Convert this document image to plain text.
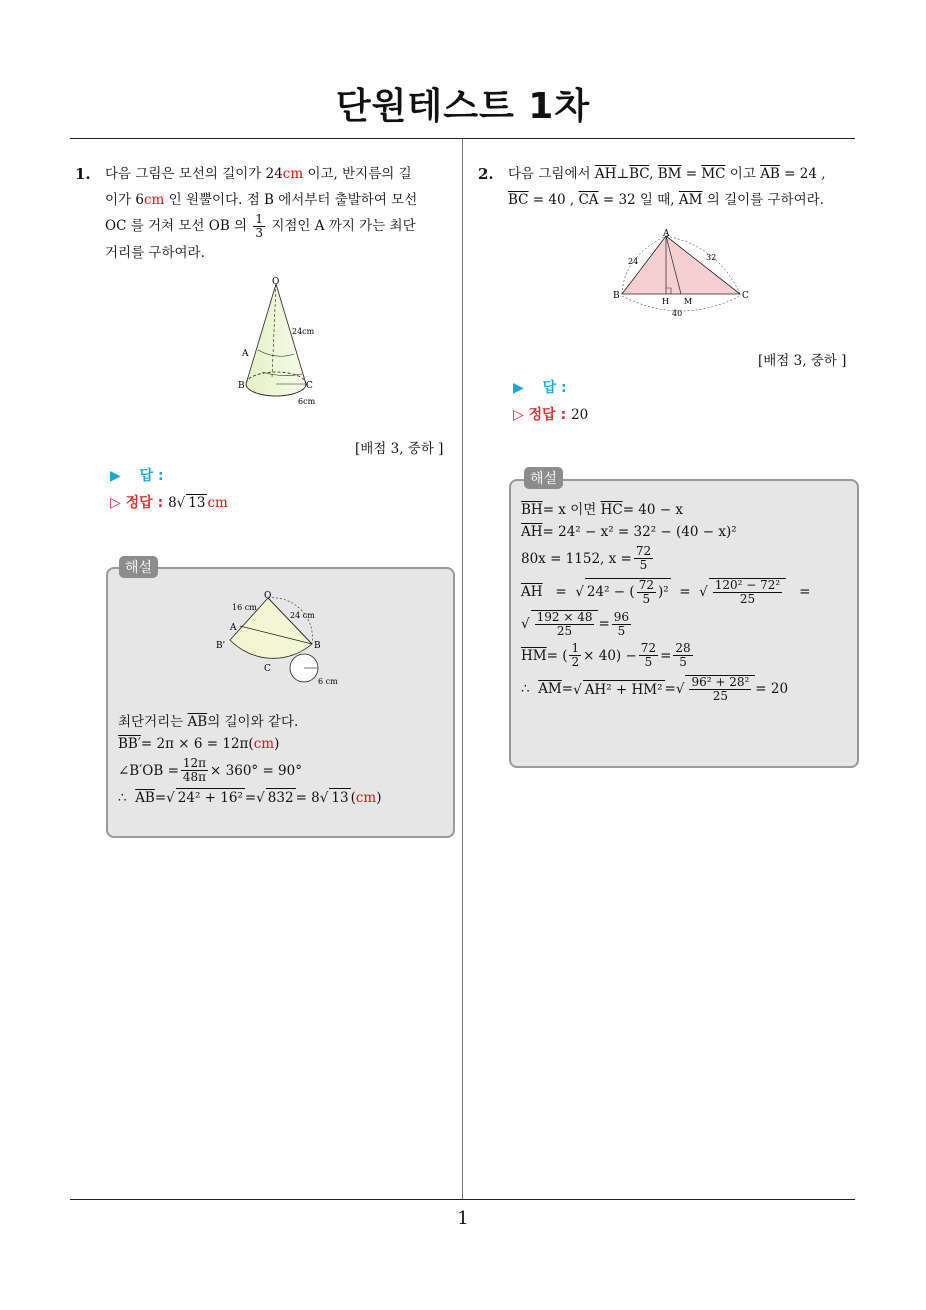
단원테스트 1차
1
1. 다음 그림은 모선의 길이가 24cm 이고, 반지름의 길
이가 6cm 인 원뿔이다. 점 B 에서부터 출발하여 모선
OC 를 거쳐 모선 OB 의 $\frac{1}{3}$ 지점인 A 까지 가는 최단
거리를 구하여라.
O
A
B	C
24cm
6cm
[배점 3, 중하 ]
▶ 답 :
▷ 정답 : 8√ 13 cm
해설
O
A
B'	B
C
16 cm
24 cm
6 cm
최단거리는
$\overline{AB}$ 의 길이와 같다.
BB′ = 2π × 6 = 12π( cm )
∠B′OB = $\frac{12\pi}{48\pi} \times 360^\circ = 90^\circ$
∴
$\overline{AB}$ = √ 24² + 16² = √ 832 = 8 √ 13 ( cm )
2. 다음 그림에서 $\overline{AH}\perp\overline{BC}$, $\overline{BM} = \overline{MC}$ 이고 $\overline{AB} = 24$ ,
$\overline{BC} = 40$ , $\overline{CA} = 32$ 일 때, $\overline{AM}$ 의 길이를 구하여라.
A
B	C
H M
24	32
40
[배점 3, 중하 ]
▶ 답 :
▷ 정답 : 20
해설
$\overline{BH} = x$ 이면
$\overline{HC} = 40 - x$
$\overline{AH} = 24^2 - x^2 = 32^2 - (40 - x)^2$
80x = 1152, $x = \frac{72}{5}$
$\overline{AH}$
=
√ 24² − ( $\frac{72}{5} )^2$
=
√ $\frac{\text{120² − 72²}}{25}$
=
√ $\frac{192 \times 48}{25} = \frac{96}{5}$
$\overline{HM}$ = ( $\frac{1}{2} \times 40) - \frac{72}{5} = \frac{28}{5}$
∴
$\overline{AM}$ = √ AH² + HM² = √ $\frac{\text{96² + 28²}}{25} = 20$
